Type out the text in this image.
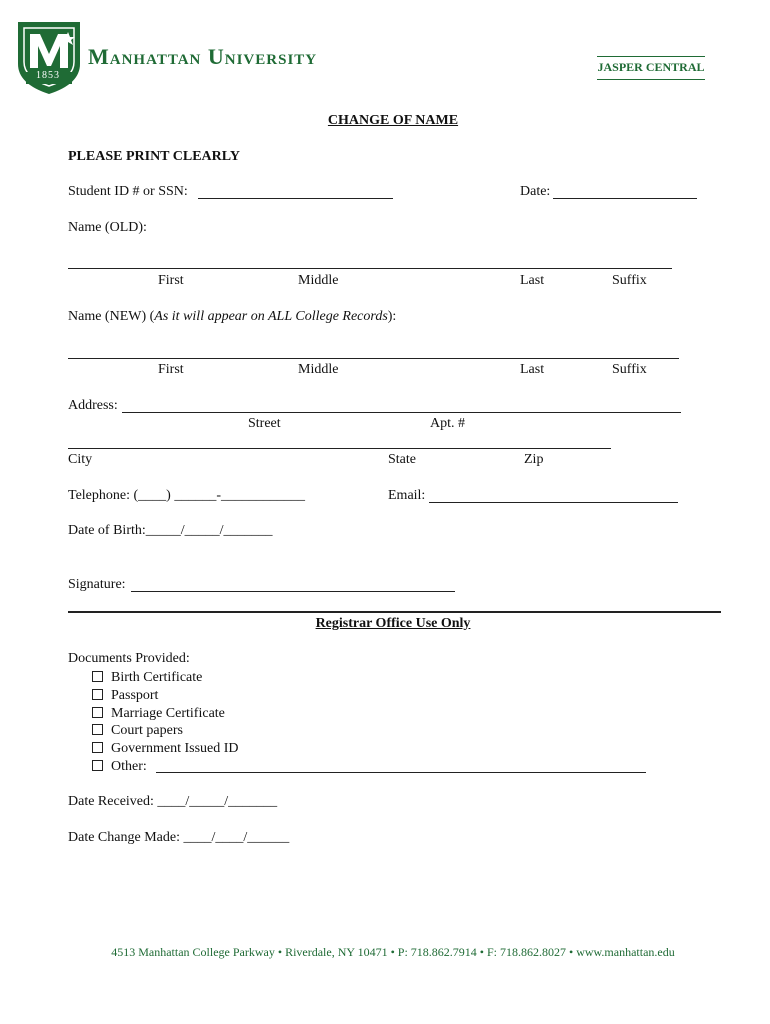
1853
Manhattan University	JASPER CENTRAL
CHANGE OF NAME
PLEASE PRINT CLEARLY
Student ID # or SSN:	Date:
Name (OLD):
First	Middle	Last	Suffix
Name (NEW) (As it will appear on ALL College Records):
First	Middle	Last	Suffix
Address:
Street	Apt. #
City	State	Zip
Telephone: (____) ______-____________	Email:
Date of Birth:_____/_____/_______
Signature:
Registrar Office Use Only
Documents Provided:
Birth Certificate
Passport
Marriage Certificate
Court papers
Government Issued ID
Other:
Date Received: ____/_____/_______
Date Change Made: ____/____/______
4513 Manhattan College Parkway • Riverdale, NY 10471 • P: 718.862.7914 • F: 718.862.8027 • www.manhattan.edu
